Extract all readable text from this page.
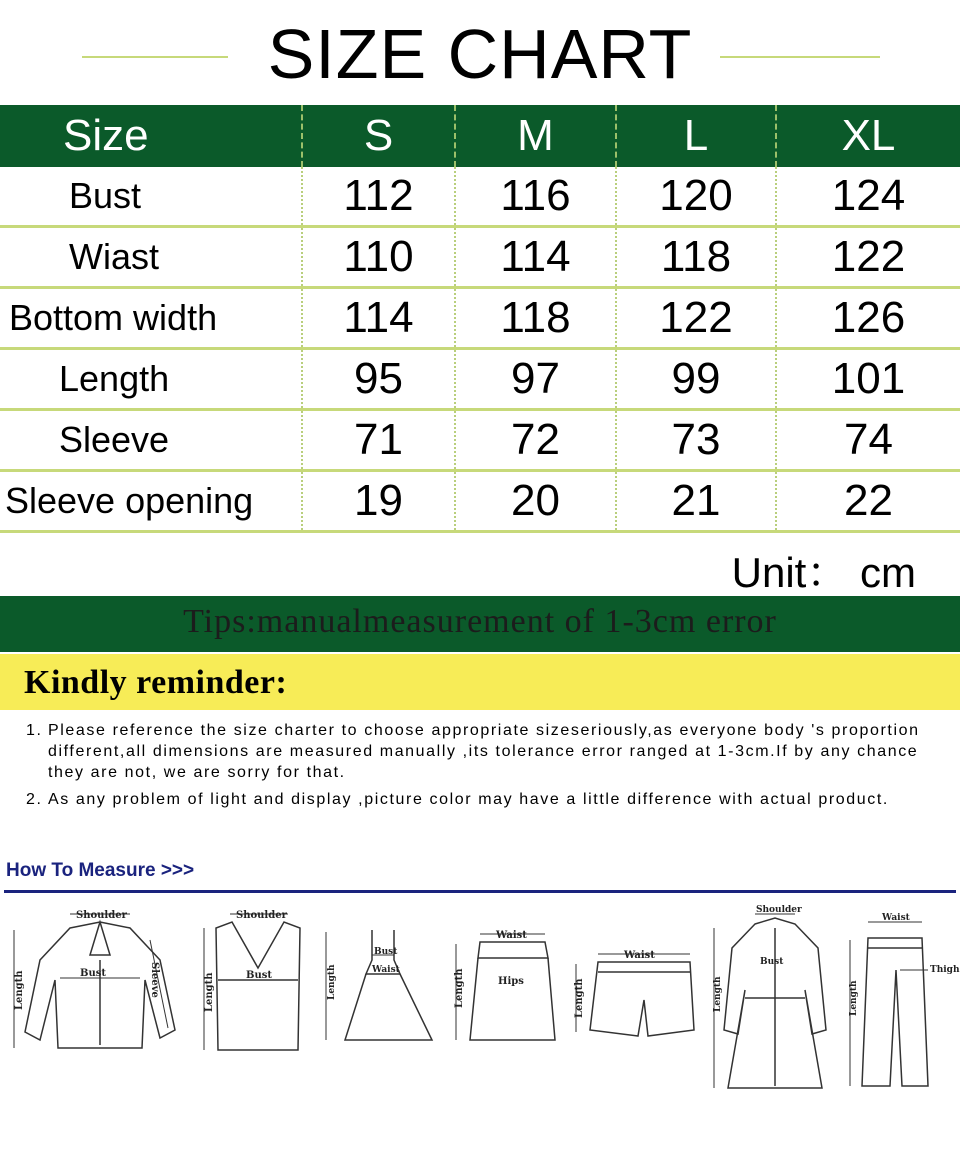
SIZE CHART
Size	S	M	L	XL
Bust	112	116	120	124
Wiast	110	114	118	122
Bottom width	114	118	122	126
Length	95	97	99	101
Sleeve	71	72	73	74
Sleeve opening	19	20	21	22
Unit： cm
Tips:manualmeasurement of 1-3cm error
Kindly reminder:
1. Please reference the size charter to choose appropriate sizeseriously,as everyone body 's proportion different,all dimensions are measured manually ,its tolerance error ranged at 1-3cm.If by any chance they are not, we are sorry for that.
2. As any problem of light and display ,picture color may have a little difference with actual product.
How To Measure >>>
Shoulder
Bust
Length	Sleeve
Shoulder
Bust
Length
Bust
Waist
Length
Waist
Hips
Length
Waist
Length
Shoulder
Bust
Length
Waist
Thigh
Length
